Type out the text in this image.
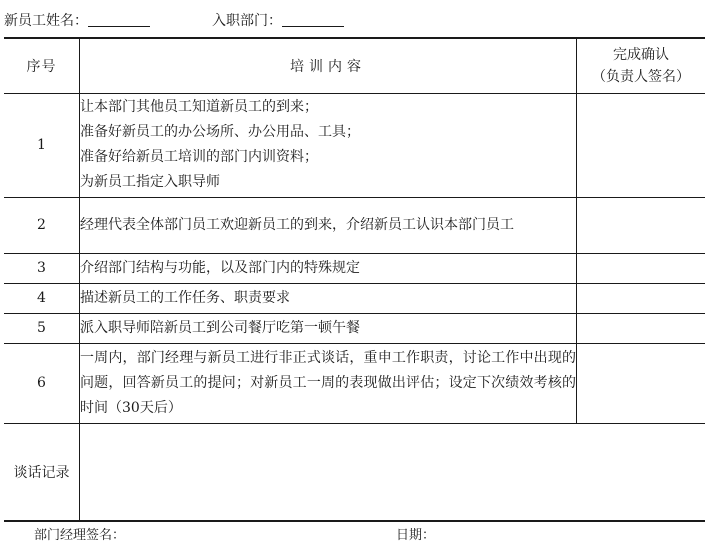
新员工姓名：	入职部门：
序号	培训内容	完成确认
（负责人签名）

1	让本部门其他员工知道新员工的到来；
准备好新员工的办公场所、办公用品、工具；
准备好给新员工培训的部门内训资料；
为新员工指定入职导师	

2	经理代表全体部门员工欢迎新员工的到来，介绍新员工认识本部门员工	

3	介绍部门结构与功能，以及部门内的特殊规定	

4	描述新员工的工作任务、职责要求	

5	派入职导师陪新员工到公司餐厅吃第一顿午餐	

6	一周内，部门经理与新员工进行非正式谈话，重申工作职责，讨论工作中出现的问题，回答新员工的提问；对新员工一周的表现做出评估；设定下次绩效考核的时间（30天后）	

谈话记录		
部门经理签名：	日期：
